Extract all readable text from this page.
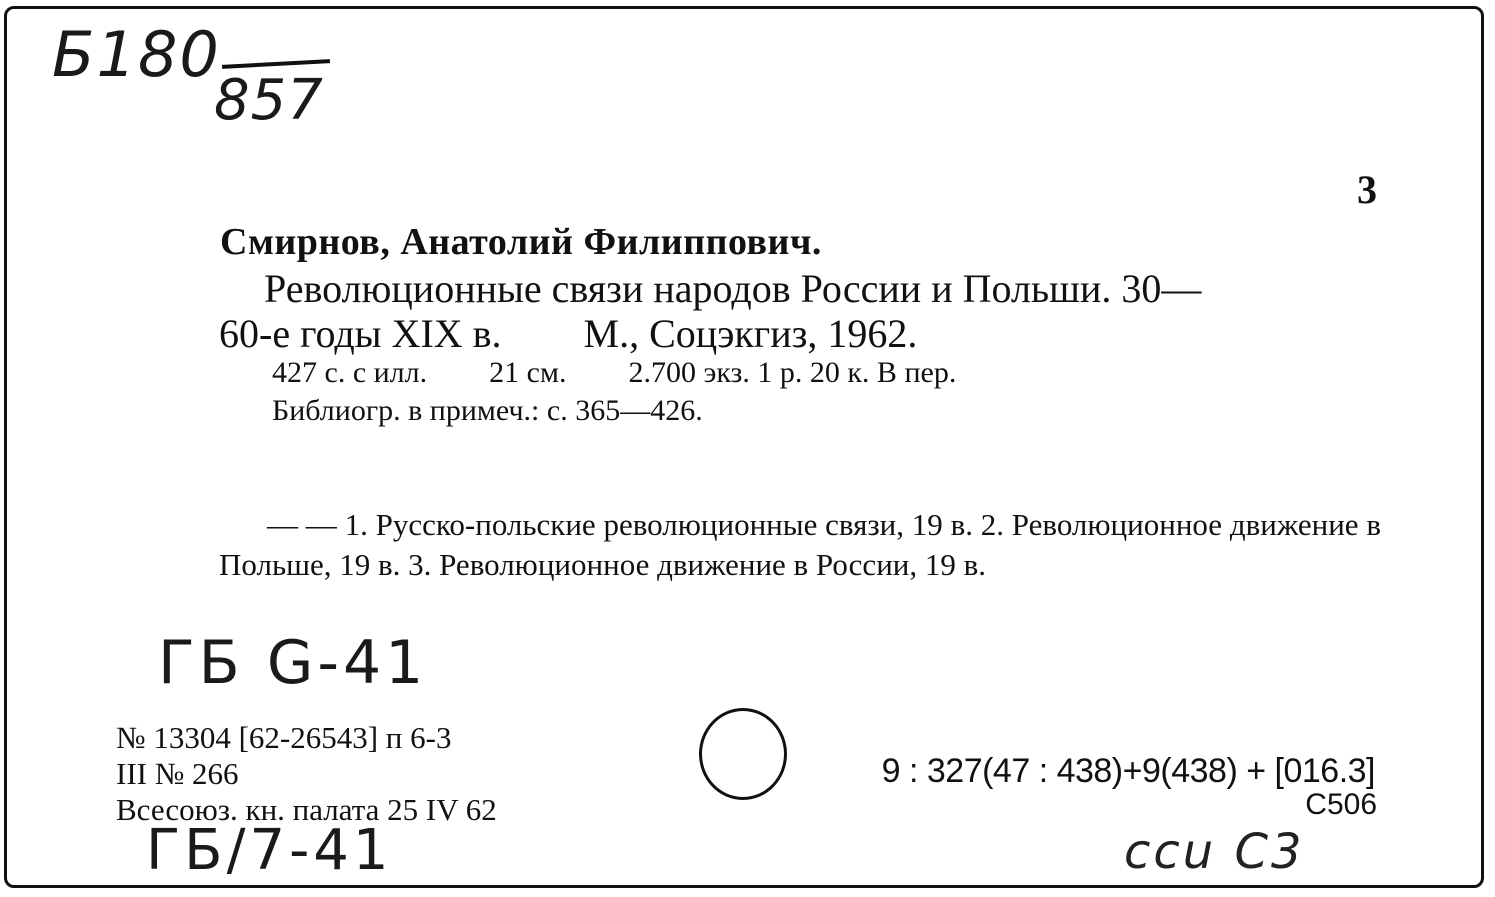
Б180
857
3
Смирнов, Анатолий Филиппович.
Революционные связи народов России и Польши. 30—
60-е годы XIX в. М., Соцэкгиз, 1962.
427 с. с илл. 21 см. 2.700 экз. 1 р. 20 к. В пер.
Библиогр. в примеч.: с. 365—426.
— — 1. Русско-польские революционные связи, 19 в. 2. Революционное движение в Польше, 19 в. 3. Революционное движение в России, 19 в.
ГБ G-41
№ 13304 [62-26543] п 6-3
III № 266
Всесоюз. кн. палата 25 IV 62
9 : 327(47 : 438)+9(438) + [016.3]
С506
ГБ/7-41	ccu C3
